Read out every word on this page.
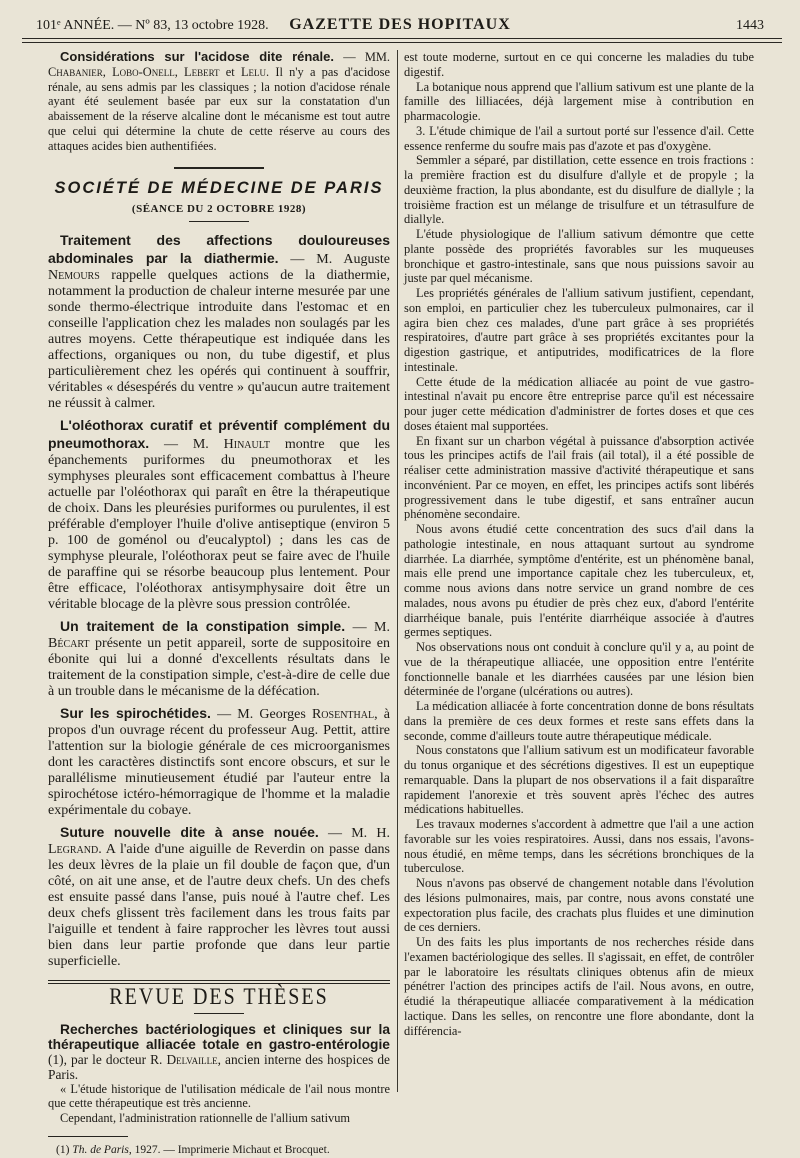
101ᵉ ANNÉE. — Nº 83, 13 octobre 1928.	GAZETTE DES HOPITAUX	1443

Considérations sur l'acidose dite rénale. — MM. Chabanier, Lobo-Onell, Lebert et Lelu. Il n'y a pas d'acidose rénale, au sens admis par les classiques ; la notion d'acidose rénale ayant été seulement basée par eux sur la constatation d'un abaissement de la réserve alcaline dont le mécanisme est tout autre que celui qui détermine la chute de cette réserve au cours des attaques acides bien authentifiées.

SOCIÉTÉ DE MÉDECINE DE PARIS
(SÉANCE DU 2 OCTOBRE 1928)

Traitement des affections douloureuses abdominales par la diathermie. — M. Auguste Nemours rappelle quelques actions de la diathermie, notamment la production de chaleur interne mesurée par une sonde thermo-électrique introduite dans l'estomac et en conseille l'application chez les malades non soulagés par les autres moyens. Cette thérapeutique est indiquée dans les affections, organiques ou non, du tube digestif, et plus particulièrement chez les opérés qui continuent à souffrir, véritables « désespérés du ventre » qu'aucun autre traitement ne réussit à calmer.

L'oléothorax curatif et préventif complément du pneumothorax. — M. Hinault montre que les épanchements puriformes du pneumothorax et les symphyses pleurales sont efficacement combattus à l'heure actuelle par l'oléothorax qui paraît en être la thérapeutique de choix. Dans les pleurésies puriformes ou purulentes, il est préférable d'employer l'huile d'olive antiseptique (environ 5 p. 100 de goménol ou d'eucalyptol) ; dans les cas de symphyse pleurale, l'oléothorax peut se faire avec de l'huile de paraffine qui se résorbe beaucoup plus lentement. Pour être efficace, l'oléothorax antisymphysaire doit être un véritable blocage de la plèvre sous pression contrôlée.

Un traitement de la constipation simple. — M. Bécart présente un petit appareil, sorte de suppositoire en ébonite qui lui a donné d'excellents résultats dans le traitement de la constipation simple, c'est-à-dire de celle due à un trouble dans le mécanisme de la défécation.

Sur les spirochétides. — M. Georges Rosenthal, à propos d'un ouvrage récent du professeur Aug. Pettit, attire l'attention sur la biologie générale de ces microorganismes dont les caractères distinctifs sont encore obscurs, et sur le parallélisme minutieusement étudié par l'auteur entre la spirochétose ictéro-hémorragique de l'homme et la maladie expérimentale du cobaye.

Suture nouvelle dite à anse nouée. — M. H. Legrand. A l'aide d'une aiguille de Reverdin on passe dans les deux lèvres de la plaie un fil double de façon que, d'un côté, on ait une anse, et de l'autre deux chefs. Un des chefs est ensuite passé dans l'anse, puis noué à l'autre chef. Les deux chefs glissent très facilement dans les trous faits par l'aiguille et tendent à faire rapprocher les lèvres tout aussi bien dans leur partie profonde que dans leur partie superficielle.

REVUE DES THÈSES

Recherches bactériologiques et cliniques sur la thérapeutique alliacée totale en gastro-entérologie (1), par le docteur R. Delvaille, ancien interne des hospices de Paris.

« L'étude historique de l'utilisation médicale de l'ail nous montre que cette thérapeutique est très ancienne.

Cependant, l'administration rationnelle de l'allium sativum

(1) Th. de Paris, 1927. — Imprimerie Michaut et Brocquet.

est toute moderne, surtout en ce qui concerne les maladies du tube digestif.

La botanique nous apprend que l'allium sativum est une plante de la famille des lilliacées, déjà largement mise à contribution en pharmacologie.

3. L'étude chimique de l'ail a surtout porté sur l'essence d'ail. Cette essence renferme du soufre mais pas d'azote et pas d'oxygène.

Semmler a séparé, par distillation, cette essence en trois fractions : la première fraction est du disulfure d'allyle et de propyle ; la deuxième fraction, la plus abondante, est du disulfure de diallyle ; la troisième fraction est un mélange de trisulfure et un tétrasulfure de diallyle.

L'étude physiologique de l'allium sativum démontre que cette plante possède des propriétés favorables sur les muqueuses bronchique et gastro-intestinale, sans que nous puissions savoir au juste par quel mécanisme.

Les propriétés générales de l'allium sativum justifient, cependant, son emploi, en particulier chez les tuberculeux pulmonaires, car il agira bien chez ces malades, d'une part grâce à ses propriétés respiratoires, d'autre part grâce à ses propriétés excitantes pour la digestion gastrique, et antiputrides, modificatrices de la flore intestinale.

Cette étude de la médication alliacée au point de vue gastro-intestinal n'avait pu encore être entreprise parce qu'il est nécessaire pour juger cette médication d'administrer de fortes doses et que ces doses étaient mal supportées.

En fixant sur un charbon végétal à puissance d'absorption activée tous les principes actifs de l'ail frais (ail total), il a été possible de réaliser cette administration massive d'activité thérapeutique et sans inconvénient. Par ce moyen, en effet, les principes actifs sont libérés progressivement dans le tube digestif, et sans entraîner aucun phénomène secondaire.

Nous avons étudié cette concentration des sucs d'ail dans la pathologie intestinale, en nous attaquant surtout au syndrome diarrhée. La diarrhée, symptôme d'entérite, est un phénomène banal, mais elle prend une importance capitale chez les tuberculeux, et, comme nous avions dans notre service un grand nombre de ces malades, nous avons pu étudier de près chez eux, d'abord l'entérite diarrhéique banale, puis l'entérite diarrhéique associée à d'autres germes septiques.

Nos observations nous ont conduit à conclure qu'il y a, au point de vue de la thérapeutique alliacée, une opposition entre l'entérite fonctionnelle banale et les diarrhées causées par une lésion bien déterminée de l'organe (ulcérations ou autres).

La médication alliacée à forte concentration donne de bons résultats dans la première de ces deux formes et reste sans effets dans la seconde, comme d'ailleurs toute autre thérapeutique médicale.

Nous constatons que l'allium sativum est un modificateur favorable du tonus organique et des sécrétions digestives. Il est un eupeptique remarquable. Dans la plupart de nos observations il a fait disparaître rapidement l'anorexie et très souvent après l'échec des autres médications habituelles.

Les travaux modernes s'accordent à admettre que l'ail a une action favorable sur les voies respiratoires. Aussi, dans nos essais, l'avons-nous étudié, en même temps, dans les sécrétions bronchiques de la tuberculose.

Nous n'avons pas observé de changement notable dans l'évolution des lésions pulmonaires, mais, par contre, nous avons constaté une expectoration plus facile, des crachats plus fluides et une diminution de ces derniers.

Un des faits les plus importants de nos recherches réside dans l'examen bactériologique des selles. Il s'agissait, en effet, de contrôler par le laboratoire les résultats cliniques obtenus afin de mieux pénétrer l'action des principes actifs de l'ail. Nous avons, en outre, étudié la thérapeutique alliacée comparativement à la médication lactique. Dans les selles, on rencontre une flore abondante, dont la différencia-
